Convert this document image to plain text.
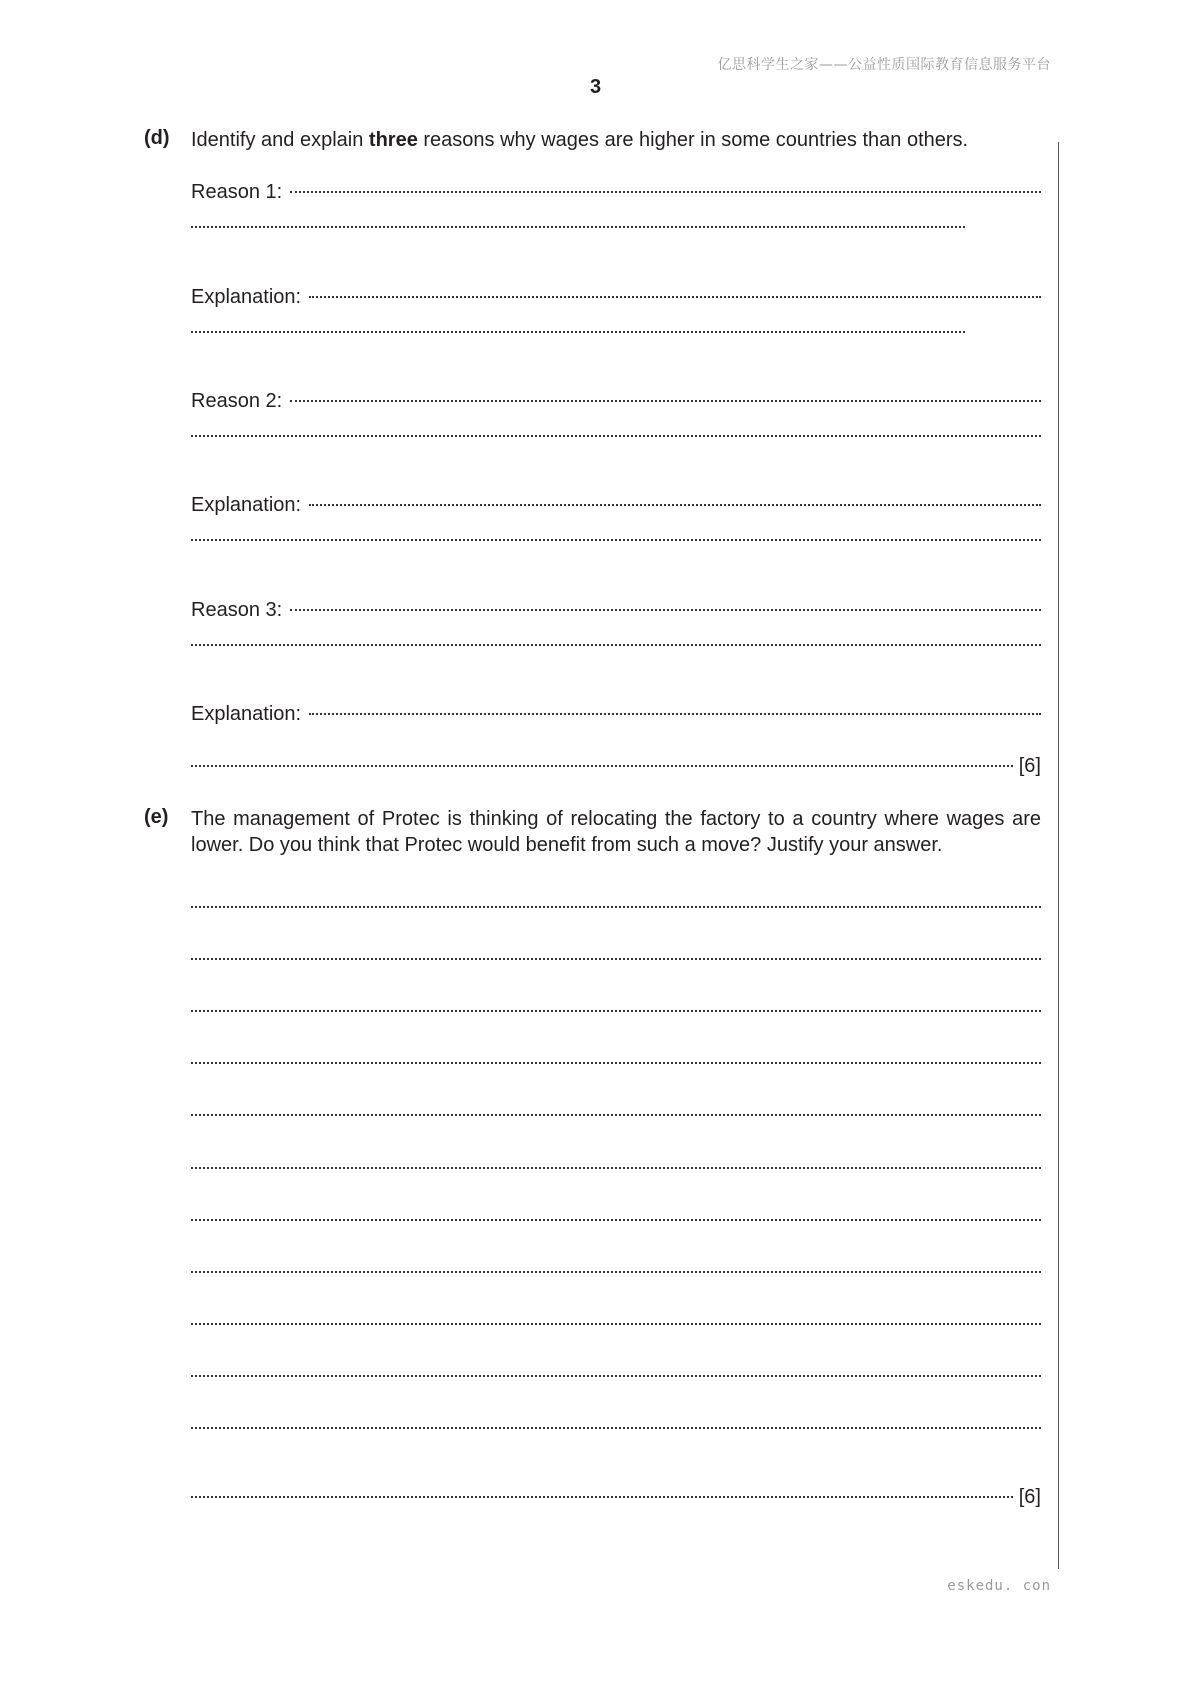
亿思科学生之家——公益性质国际教育信息服务平台
3
(d) Identify and explain three reasons why wages are higher in some countries than others.
Reason 1:
Explanation:
Reason 2:
Explanation:
Reason 3:
Explanation:
[6]
(e) The management of Protec is thinking of relocating the factory to a country where wages are lower. Do you think that Protec would benefit from such a move? Justify your answer.
[6]
eskedu. con
